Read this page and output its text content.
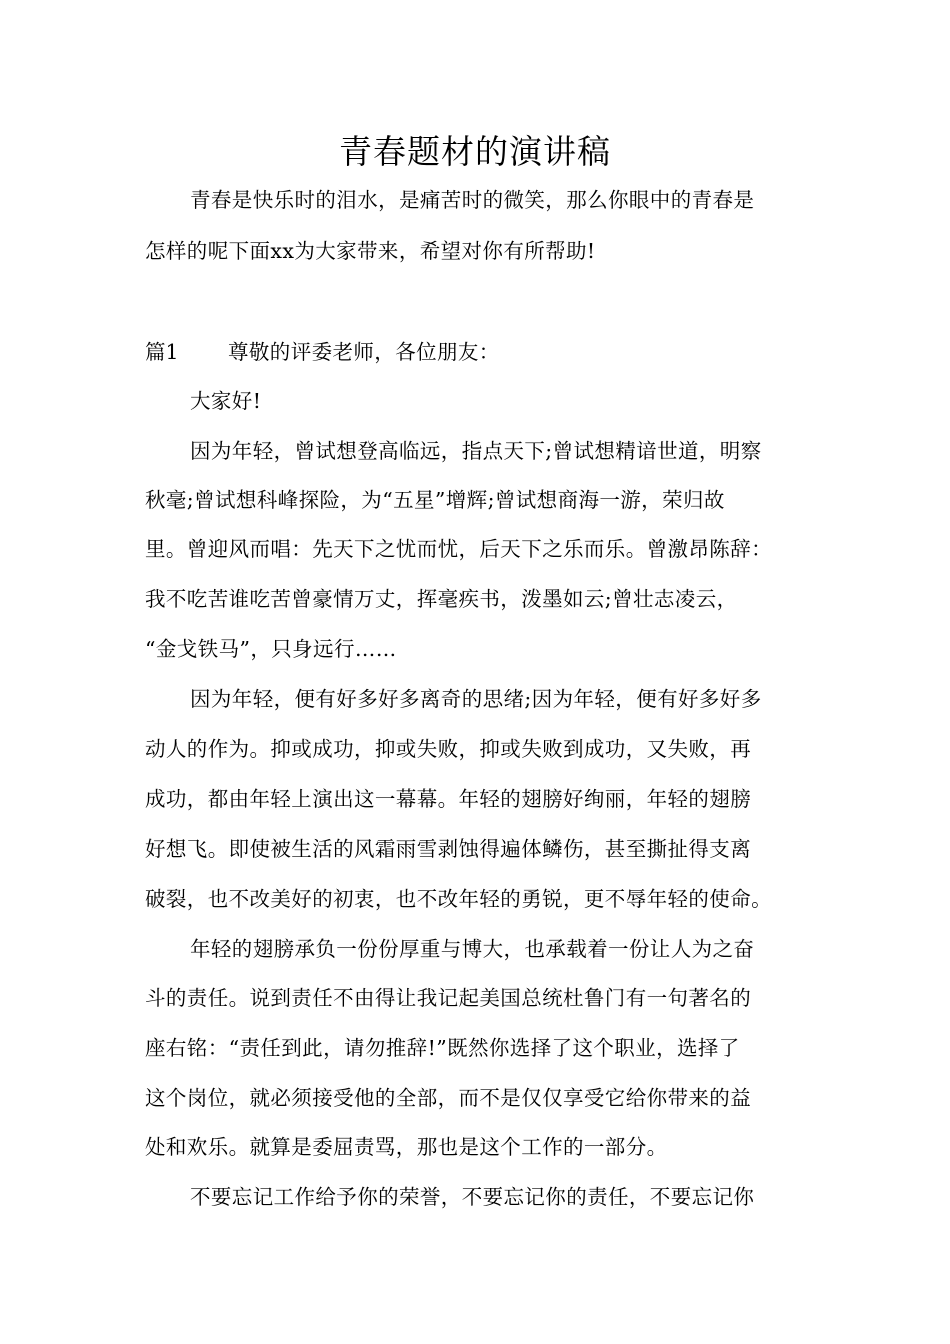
青春题材的演讲稿
青春是快乐时的泪水，是痛苦时的微笑，那么你眼中的青春是
怎样的呢下面xx为大家带来，希望对你有所帮助!
篇1 尊敬的评委老师，各位朋友：
大家好!
因为年轻，曾试想登高临远，指点天下;曾试想精谙世道，明察
秋毫;曾试想科峰探险，为“五星”增辉;曾试想商海一游，荣归故
里。曾迎风而唱：先天下之忧而忧，后天下之乐而乐。曾激昂陈辞：
我不吃苦谁吃苦曾豪情万丈，挥毫疾书，泼墨如云;曾壮志凌云，
“金戈铁马”，只身远行……
因为年轻，便有好多好多离奇的思绪;因为年轻，便有好多好多
动人的作为。抑或成功，抑或失败，抑或失败到成功，又失败，再
成功，都由年轻上演出这一幕幕。年轻的翅膀好绚丽，年轻的翅膀
好想飞。即使被生活的风霜雨雪剥蚀得遍体鳞伤，甚至撕扯得支离
破裂，也不改美好的初衷，也不改年轻的勇锐，更不辱年轻的使命。
年轻的翅膀承负一份份厚重与博大，也承载着一份让人为之奋
斗的责任。说到责任不由得让我记起美国总统杜鲁门有一句著名的
座右铭：“责任到此，请勿推辞!”既然你选择了这个职业，选择了
这个岗位，就必须接受他的全部，而不是仅仅享受它给你带来的益
处和欢乐。就算是委屈责骂，那也是这个工作的一部分。
不要忘记工作给予你的荣誉，不要忘记你的责任，不要忘记你
